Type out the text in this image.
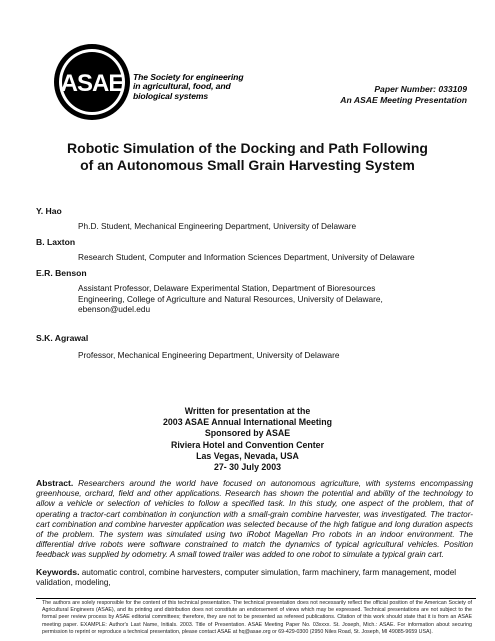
ASAE The Society for engineering
in agricultural, food, and
biological systems
Paper Number: 033109
An ASAE Meeting Presentation
Robotic Simulation of the Docking and Path Following
of an Autonomous Small Grain Harvesting System
Y. Hao
Ph.D. Student, Mechanical Engineering Department, University of Delaware
B. Laxton
Research Student, Computer and Information Sciences Department, University of Delaware
E.R. Benson
Assistant Professor, Delaware Experimental Station, Department of Bioresources
Engineering, College of Agriculture and Natural Resources, University of Delaware,
ebenson@udel.edu
S.K. Agrawal
Professor, Mechanical Engineering Department, University of Delaware
Written for presentation at the
2003 ASAE Annual International Meeting
Sponsored by ASAE
Riviera Hotel and Convention Center
Las Vegas, Nevada, USA
27- 30 July 2003
Abstract. Researchers around the world have focused on autonomous agriculture, with systems encompassing greenhouse, orchard, field and other applications. Research has shown the potential and ability of the technology to allow a vehicle or selection of vehicles to follow a specified task. In this study, one aspect of the problem, that of operating a tractor-cart combination in conjunction with a small-grain combine harvester, was investigated. The tractor-cart combination and combine harvester application was selected because of the high fatigue and long duration aspects of the problem. The system was simulated using two iRobot Magellan Pro robots in an indoor environment. The differential drive robots were software constrained to match the dynamics of typical agricultural vehicles. Position feedback was supplied by odometry. A small towed trailer was added to one robot to simulate a typical grain cart.
Keywords. automatic control, combine harvesters, computer simulation, farm machinery, farm management, model validation, modeling,
The authors are solely responsible for the content of this technical presentation. The technical presentation does not necessarily reflect the official position of the American Society of Agricultural Engineers (ASAE), and its printing and distribution does not constitute an endorsement of views which may be expressed. Technical presentations are not subject to the formal peer review process by ASAE editorial committees; therefore, they are not to be presented as refereed publications. Citation of this work should state that it is from an ASAE meeting paper. EXAMPLE: Author's Last Name, Initials. 2003. Title of Presentation. ASAE Meeting Paper No. 03xxxx. St. Joseph, Mich.: ASAE. For information about securing permission to reprint or reproduce a technical presentation, please contact ASAE at hq@asae.org or 69-429-0300 (2950 Niles Road, St. Joseph, MI 49085-9659 USA).
